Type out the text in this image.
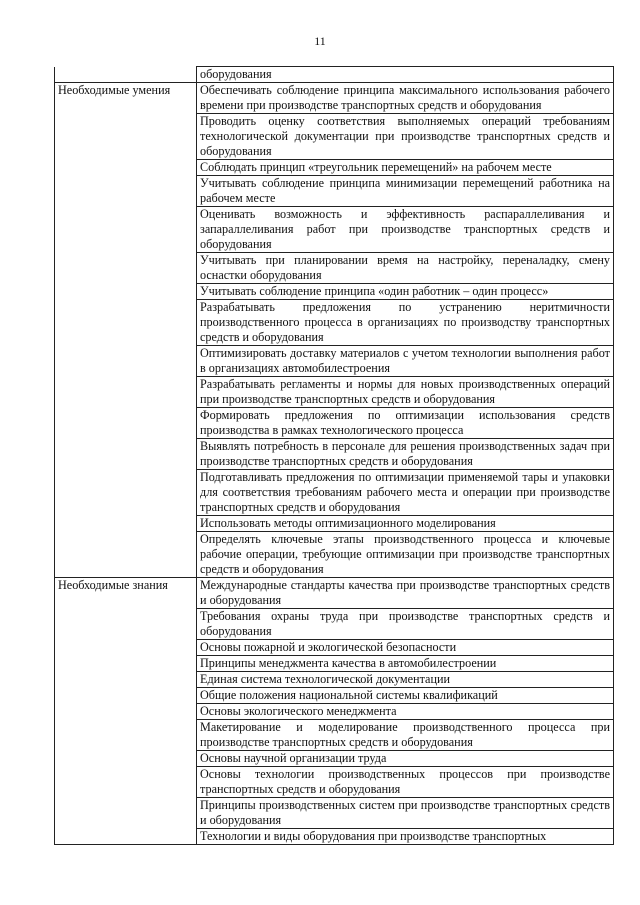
11
	оборудования
Необходимые умения	Обеспечивать соблюдение принципа максимального использования рабочего времени при производстве транспортных средств и оборудования
	Проводить оценку соответствия выполняемых операций требованиям технологической документации при производстве транспортных средств и оборудования
	Соблюдать принцип «треугольник перемещений» на рабочем месте
	Учитывать соблюдение принципа минимизации перемещений работника на рабочем месте
	Оценивать возможность и эффективность распараллеливания и запараллеливания работ при производстве транспортных средств и оборудования
	Учитывать при планировании время на настройку, переналадку, смену оснастки оборудования
	Учитывать соблюдение принципа «один работник – один процесс»
	Разрабатывать предложения по устранению неритмичности производственного процесса в организациях по производству транспортных средств и оборудования
	Оптимизировать доставку материалов с учетом технологии выполнения работ в организациях автомобилестроения
	Разрабатывать регламенты и нормы для новых производственных операций при производстве транспортных средств и оборудования
	Формировать предложения по оптимизации использования средств производства в рамках технологического процесса
	Выявлять потребность в персонале для решения производственных задач при производстве транспортных средств и оборудования
	Подготавливать предложения по оптимизации применяемой тары и упаковки для соответствия требованиям рабочего места и операции при производстве транспортных средств и оборудования
	Использовать методы оптимизационного моделирования
	Определять ключевые этапы производственного процесса и ключевые рабочие операции, требующие оптимизации при производстве транспортных средств и оборудования
Необходимые знания	Международные стандарты качества при производстве транспортных средств и оборудования
	Требования охраны труда при производстве транспортных средств и оборудования
	Основы пожарной и экологической безопасности
	Принципы менеджмента качества в автомобилестроении
	Единая система технологической документации
	Общие положения национальной системы квалификаций
	Основы экологического менеджмента
	Макетирование и моделирование производственного процесса при производстве транспортных средств и оборудования
	Основы научной организации труда
	Основы технологии производственных процессов при производстве транспортных средств и оборудования
	Принципы производственных систем при производстве транспортных средств и оборудования
	Технологии и виды оборудования при производстве транспортных
